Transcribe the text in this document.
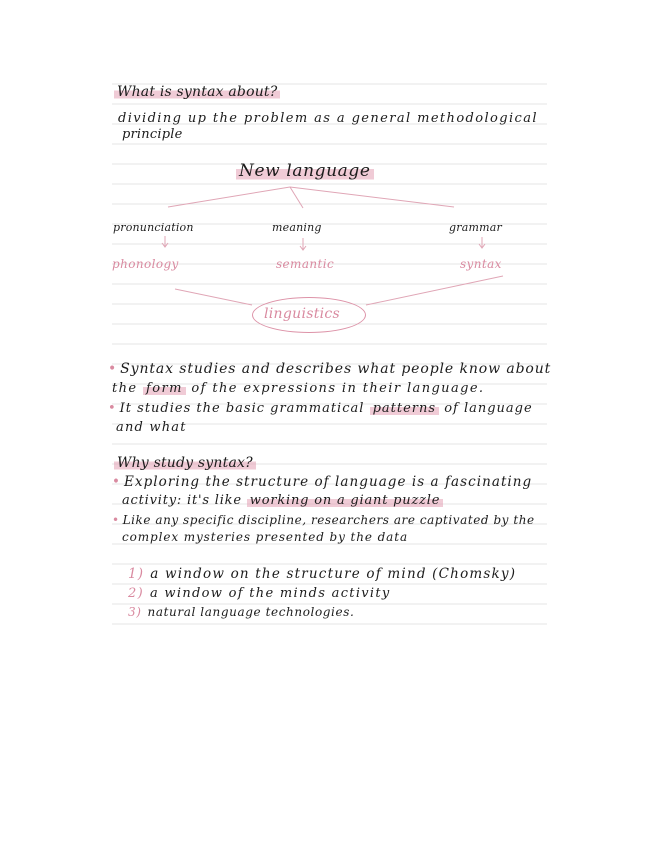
What is syntax about?
dividing up the problem as a general methodological
principle
New language
pronunciation	meaning	grammar
phonology	semantic	syntax
linguistics
• Syntax studies and describes what people know about
the form of the expressions in their language.
• It studies the basic grammatical patterns of language
and what
Why study syntax?
• Exploring the structure of language is a fascinating
activity: it's like working on a giant puzzle
• Like any specific discipline, researchers are captivated by the
complex mysteries presented by the data
1) a window on the structure of mind (Chomsky)
2) a window of the minds activity
3) natural language technologies.
